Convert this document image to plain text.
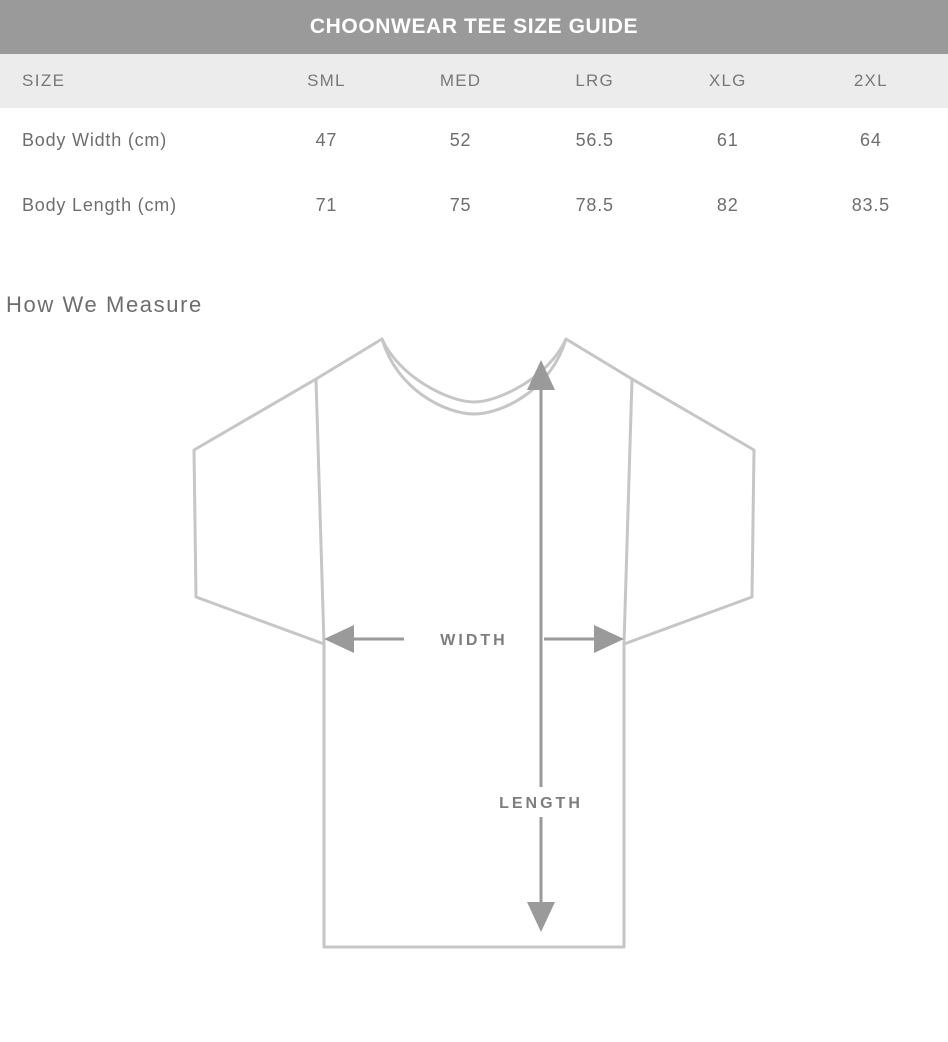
CHOONWEAR TEE SIZE GUIDE
SIZE	SML	MED	LRG	XLG	2XL
Body Width (cm)	47	52	56.5	61	64
Body Length (cm)	71	75	78.5	82	83.5
How We Measure
WIDTH
LENGTH
